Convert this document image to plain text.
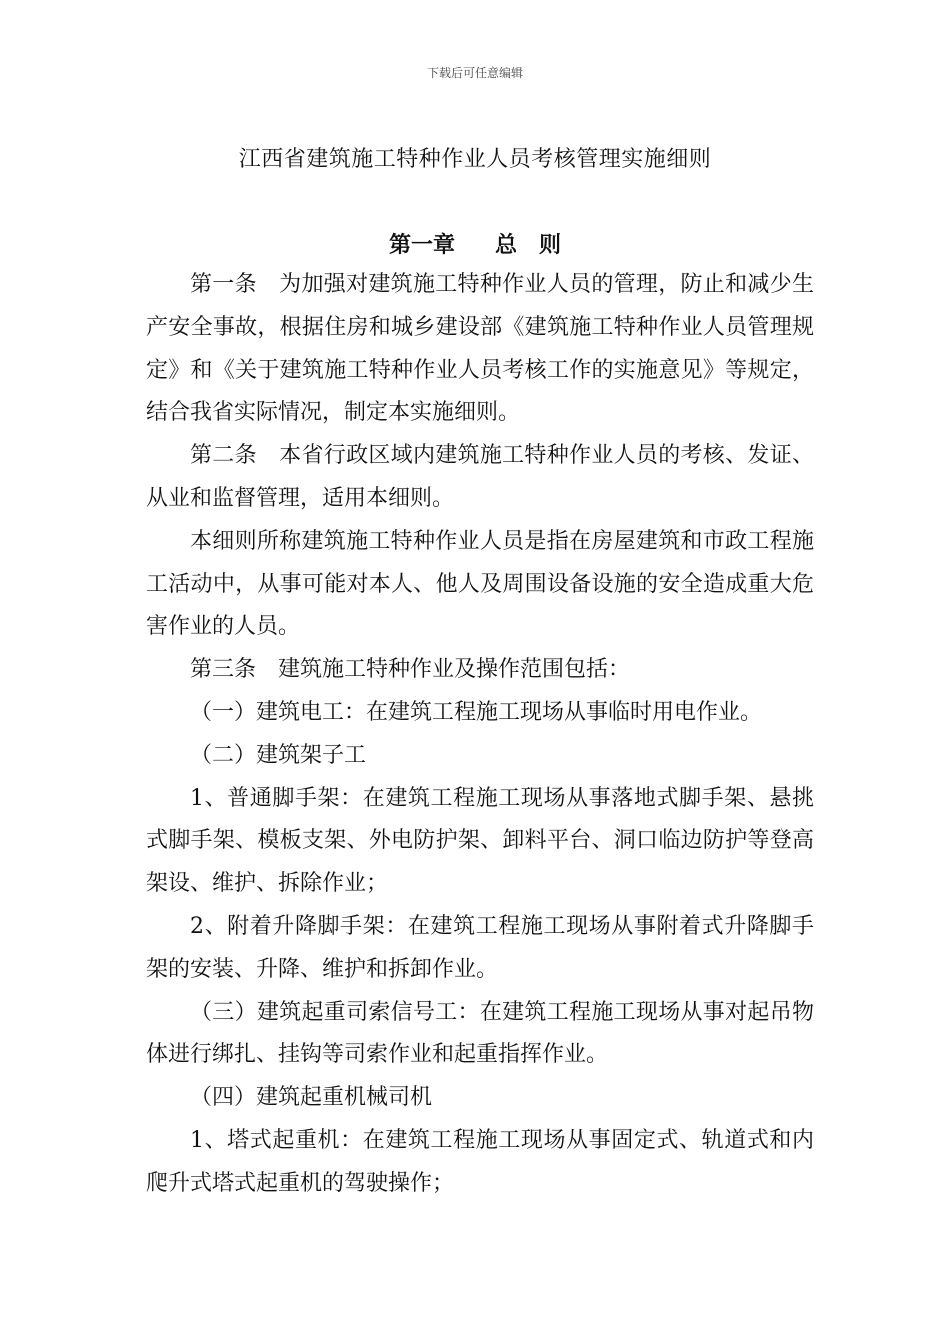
下载后可任意编辑
江西省建筑施工特种作业人员考核管理实施细则
第一章 总　则

第一条　为加强对建筑施工特种作业人员的管理，防止和减少生产安全事故，根据住房和城乡建设部《建筑施工特种作业人员管理规定》和《关于建筑施工特种作业人员考核工作的实施意见》等规定，结合我省实际情况，制定本实施细则。

第二条　本省行政区域内建筑施工特种作业人员的考核、发证、从业和监督管理，适用本细则。

本细则所称建筑施工特种作业人员是指在房屋建筑和市政工程施工活动中，从事可能对本人、他人及周围设备设施的安全造成重大危害作业的人员。

第三条　建筑施工特种作业及操作范围包括：

（一）建筑电工：在建筑工程施工现场从事临时用电作业。

（二）建筑架子工

1、普通脚手架：在建筑工程施工现场从事落地式脚手架、悬挑式脚手架、模板支架、外电防护架、卸料平台、洞口临边防护等登高架设、维护、拆除作业；

2、附着升降脚手架：在建筑工程施工现场从事附着式升降脚手架的安装、升降、维护和拆卸作业。

（三）建筑起重司索信号工：在建筑工程施工现场从事对起吊物体进行绑扎、挂钩等司索作业和起重指挥作业。

（四）建筑起重机械司机

1、塔式起重机：在建筑工程施工现场从事固定式、轨道式和内爬升式塔式起重机的驾驶操作；
